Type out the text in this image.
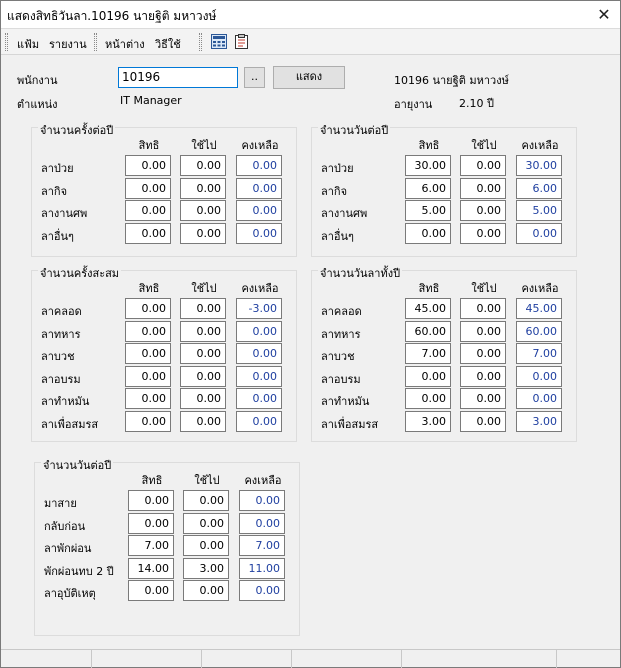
แสดงสิทธิวันลา.10196 นายฐิติ มหาวงษ์	✕
แฟ้ม รายงาน หน้าต่าง วิธีใช้
พนักงาน	10196	..	แสดง	10196 นายฐิติ มหาวงษ์
ตำแหน่ง	IT Manager	อายุงาน 2.10 ปี
จำนวนครั้งต่อปี
สิทธิ	ใช้ไป	คงเหลือ
ลาป่วย	0.00	0.00	0.00
ลากิจ	0.00	0.00	0.00
ลางานศพ	0.00	0.00	0.00
ลาอื่นๆ	0.00	0.00	0.00
จำนวนวันต่อปี
สิทธิ	ใช้ไป	คงเหลือ
ลาป่วย	30.00	0.00	30.00
ลากิจ	6.00	0.00	6.00
ลางานศพ	5.00	0.00	5.00
ลาอื่นๆ	0.00	0.00	0.00
จำนวนครั้งสะสม
สิทธิ	ใช้ไป	คงเหลือ
ลาคลอด	0.00	0.00	-3.00
ลาทหาร	0.00	0.00	0.00
ลาบวช	0.00	0.00	0.00
ลาอบรม	0.00	0.00	0.00
ลาทำหมัน	0.00	0.00	0.00
ลาเพื่อสมรส	0.00	0.00	0.00
จำนวนวันลาทั้งปี
สิทธิ	ใช้ไป	คงเหลือ
ลาคลอด	45.00	0.00	45.00
ลาทหาร	60.00	0.00	60.00
ลาบวช	7.00	0.00	7.00
ลาอบรม	0.00	0.00	0.00
ลาทำหมัน	0.00	0.00	0.00
ลาเพื่อสมรส	3.00	0.00	3.00
จำนวนวันต่อปี
สิทธิ	ใช้ไป	คงเหลือ
มาสาย	0.00	0.00	0.00
กลับก่อน	0.00	0.00	0.00
ลาพักผ่อน	7.00	0.00	7.00
พักผ่อนทบ 2 ปี	14.00	3.00	11.00
ลาอุบัติเหตุ	0.00	0.00	0.00
